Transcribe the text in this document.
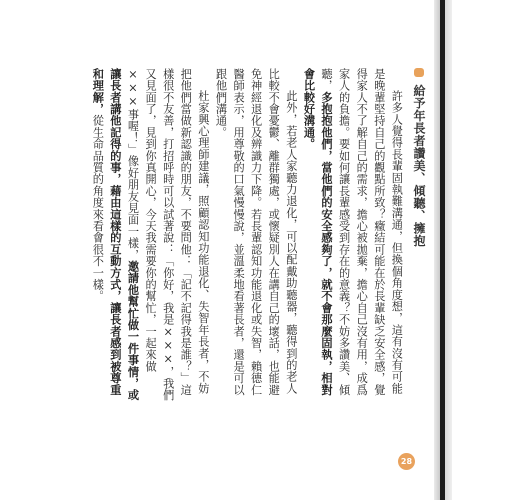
給予年長者讚美、傾聽、擁抱

許多人覺得長輩固執難溝通，但換個角度想，這有沒有可能是晚輩堅持自己的觀點所致？癥結可能在於長輩缺乏安全感，覺得家人不了解自己的需求，擔心被拋棄，擔心自己沒有用，成爲家人的負擔。要如何讓長輩感受到存在的意義？不妨多讚美、傾聽，多抱抱他們，當他們的安全感夠了，就不會那麼固執，相對會比較好溝通。

此外，若老人家聽力退化，可以配戴助聽器，聽得到的老人比較不會憂鬱、離群獨處，或懷疑別人在講自己的壞話，也能避免神經退化及辨識力下降。若長輩認知功能退化或失智，賴德仁醫師表示，用尊敬的口氣慢慢說，並溫柔地看著長者，還是可以跟他們溝通。

杜家興心理師建議，照顧認知功能退化、失智年長者，不妨把他們當做新認識的朋友，不要問他：「記不記得我是誰？」這樣很不友善，打招呼時可以試著說：「你好，我是×××，我們又見面了，見到你真開心，今天我需要你的幫忙，一起來做×××事喔！」像好朋友見面一樣，邀請他幫忙做一件事情，或讓長者講他記得的事，藉由這樣的互動方式，讓長者感到被尊重和理解，從生命品質的角度來看會很不一樣。

28
